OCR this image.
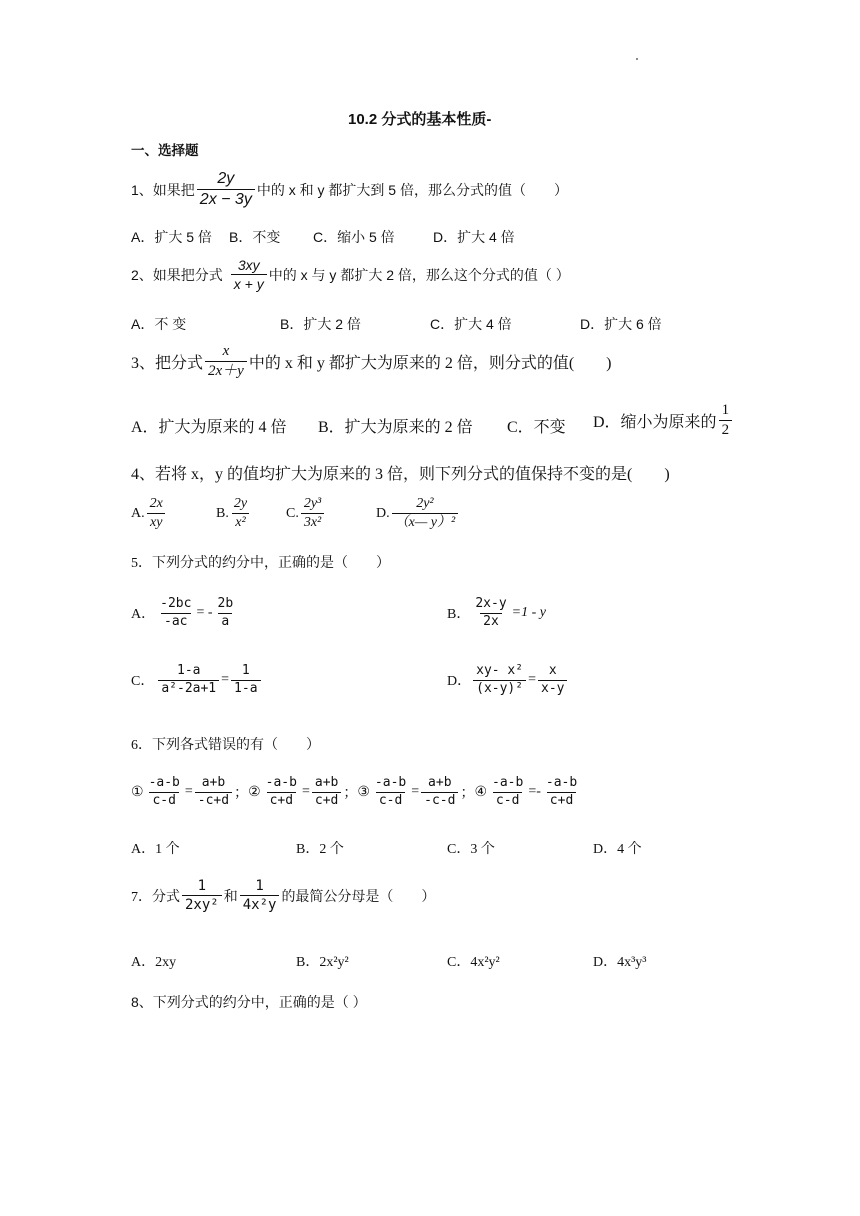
10.2 分式的基本性质-
一、选择题
1、如果把 $\frac{2y}{2x - 3y}$ 中的 x 和 y 都扩大到 5 倍，那么分式的值（　　）
A．扩大 5 倍 B．不变 C．缩小 5 倍	D．扩大 4 倍
2、如果把分式 $\frac{3xy}{x + y}$ 中的 x 与 y 都扩大 2 倍，那么这个分式的值（ ）
A．不 变	B．扩大 2 倍	C．扩大 4 倍	D．扩大 6 倍
3、把分式 $\frac{x}{2x+y}$ 中的 x 和 y 都扩大为原来的 2 倍，则分式的值(　　)
A．扩大为原来的 4 倍 B．扩大为原来的 2 倍 C．不变 D．缩小为原来的 $\frac{1}{2}$
4、若将 x，y 的值均扩大为原来的 3 倍，则下列分式的值保持不变的是(　　)
A. $\frac{2x}{xy}$	B. $\frac{2y}{\text{x²}}$	C. $\frac{\text{2y³}}{\text{3x²}}$	D. $\frac{\text{2y²}}{\text{（x— y）²}}$
5．下列分式的约分中，正确的是（　　）
A． $\frac{-2bc}{-ac}$ = - $\frac{2b}{a}$	B． $\frac{2x-y}{2x} =1 - y$
C． $\frac{1-a}{\text{a²-2a+1}} = \frac{1}{1-a}$	D． $\frac{\text{xy- x²}}{\text{(x-y)²}} = \frac{x}{x-y}$
6．下列各式错误的有（　　）
① $\frac{-a-b}{c-d} = \frac{a+b}{-c+d}$ ； ② $\frac{-a-b}{c+d} = \frac{a+b}{c+d}$ ； ③ $\frac{-a-b}{c-d} = \frac{a+b}{-c-d}$ ； ④ $\frac{-a-b}{c-d} =- \frac{-a-b}{c+d}$
A．1 个	B．2 个	C．3 个	D．4 个
7．分式 $\frac{1}{\text{2xy²}}$ 和 $\frac{1}{\text{4x²y}}$ 的最简公分母是（　　）
A．2xy	B．2x²y²	C．4x²y²	D．4x³y³
8、下列分式的约分中，正确的是（ ）
